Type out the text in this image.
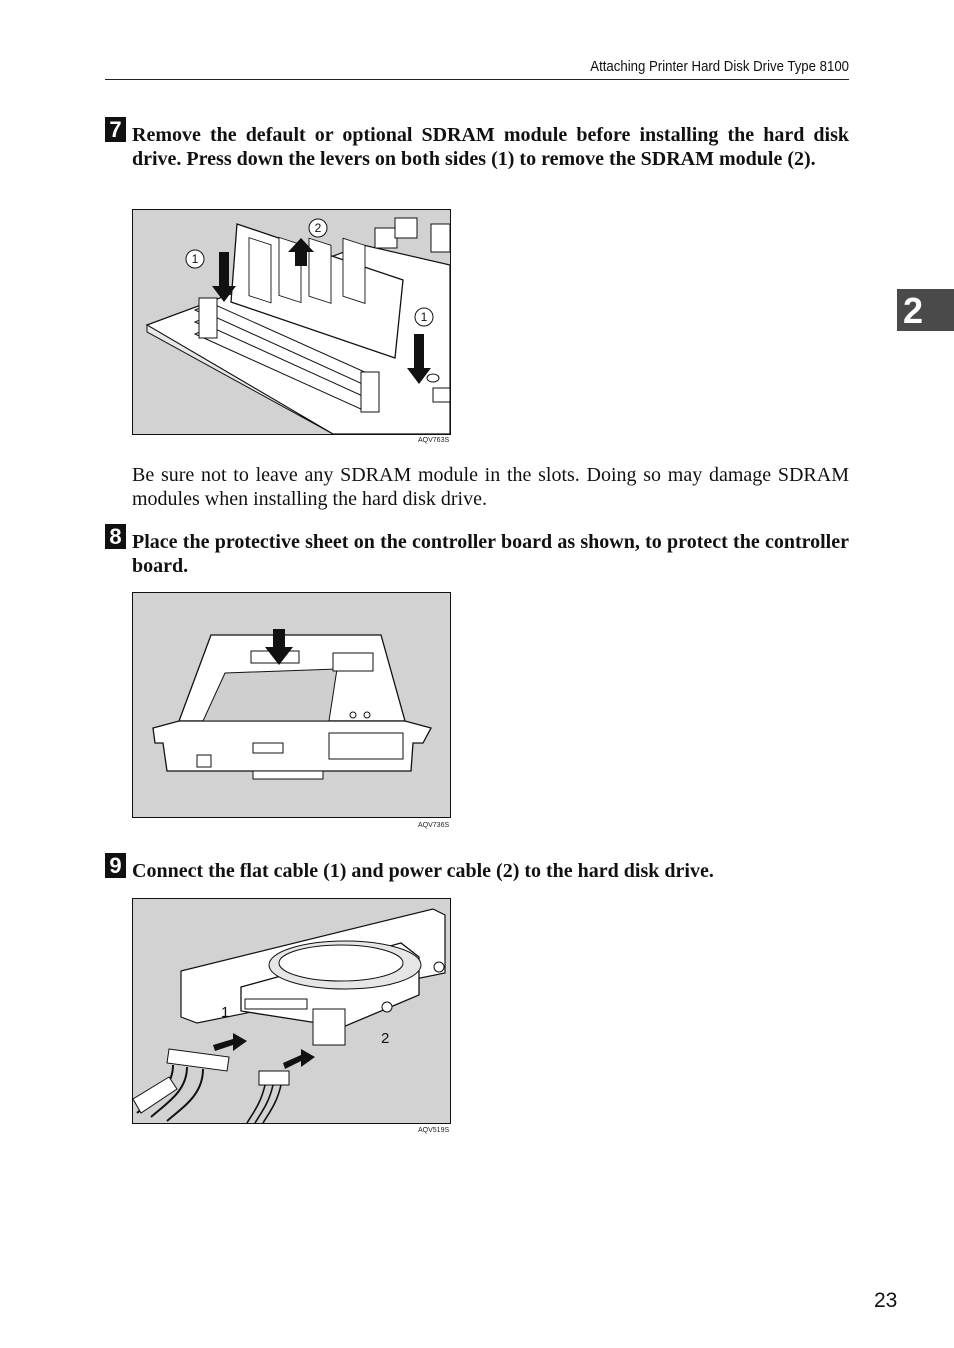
Attaching Printer Hard Disk Drive Type 8100
2
7 Remove the default or optional SDRAM module before installing the hard disk drive. Press down the levers on both sides (1) to remove the SDRAM module (2).
1
2
1
AQV763S
Be sure not to leave any SDRAM module in the slots. Doing so may damage SDRAM modules when installing the hard disk drive.
8 Place the protective sheet on the controller board as shown, to protect the controller board.
AQV736S
9 Connect the flat cable (1) and power cable (2) to the hard disk drive.
1
2
AQV519S
23
